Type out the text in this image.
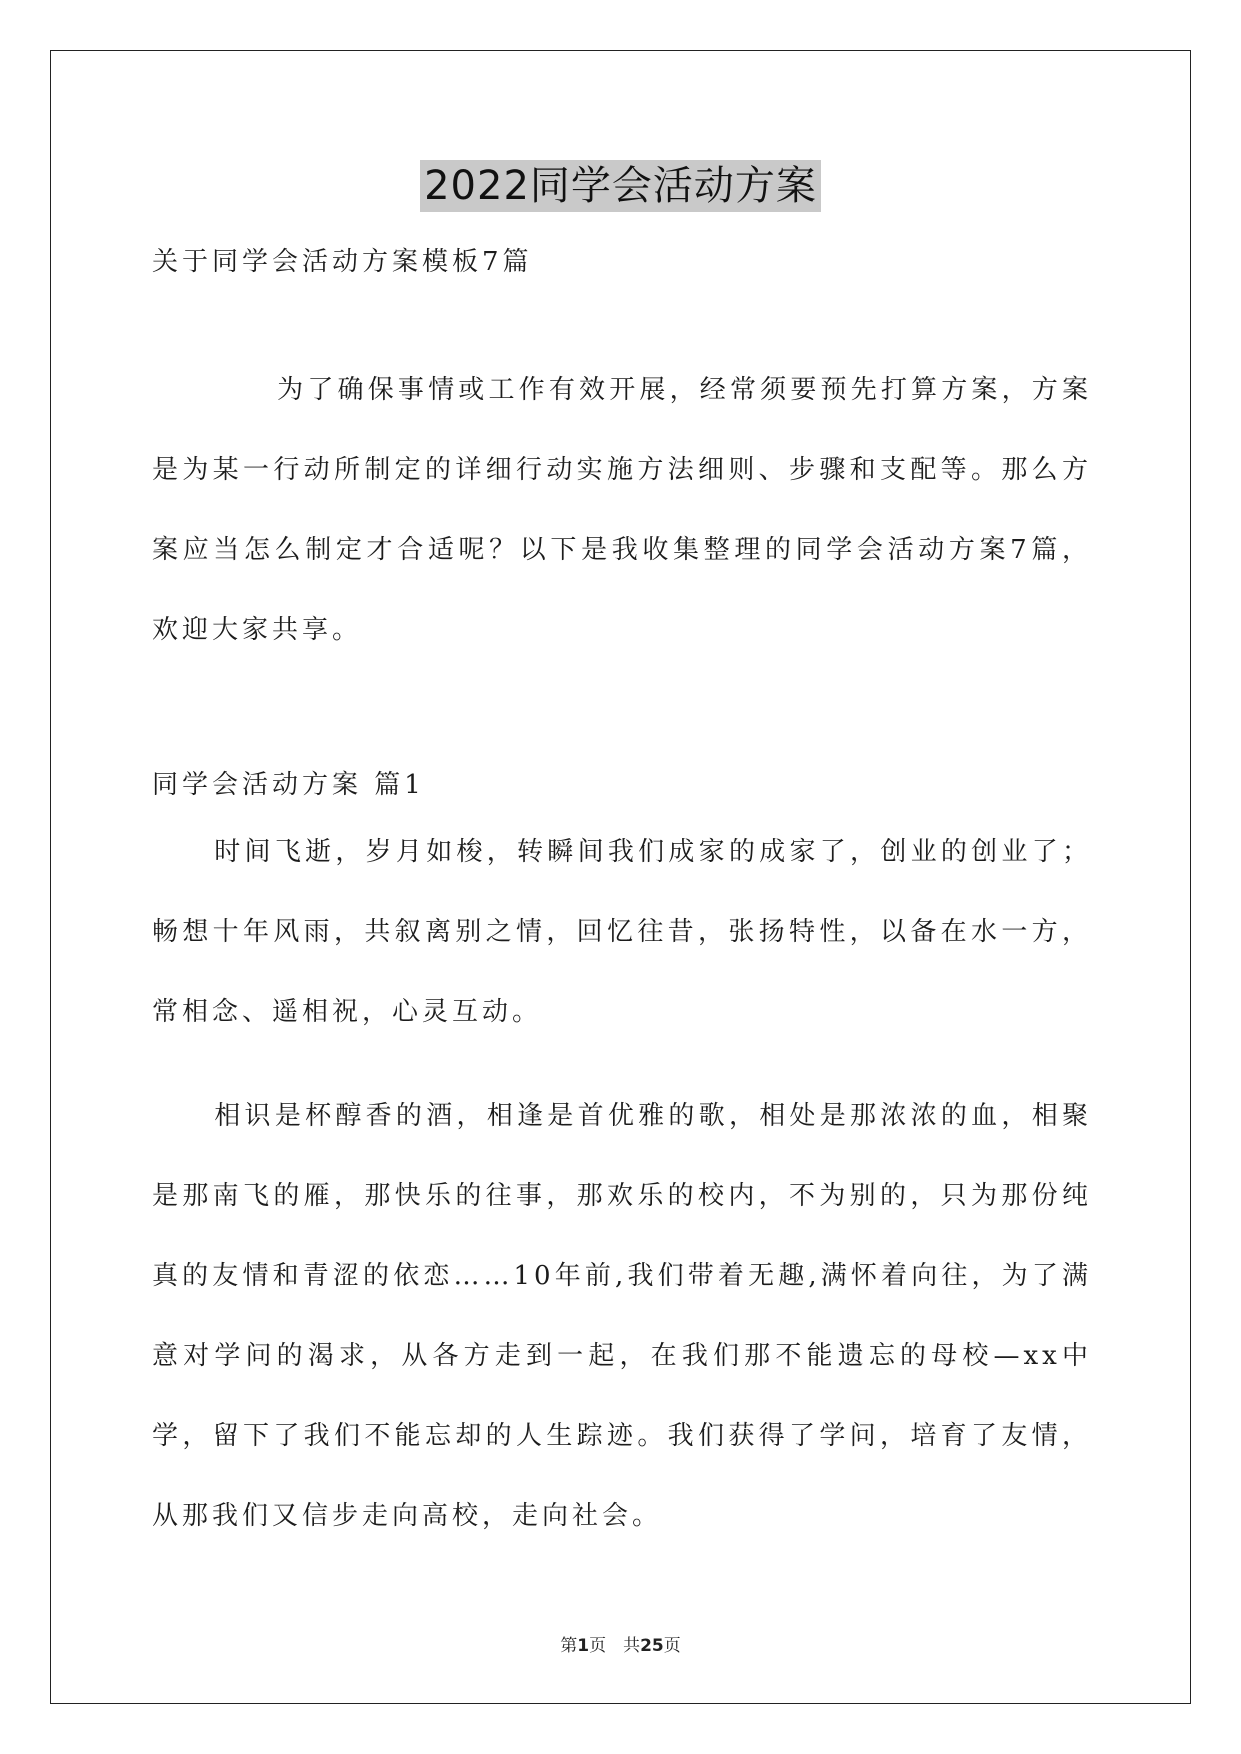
2022同学会活动方案
关于同学会活动方案模板7篇
为了确保事情或工作有效开展，经常须要预先打算方案，方案是为某一行动所制定的详细行动实施方法细则、步骤和支配等。那么方案应当怎么制定才合适呢？以下是我收集整理的同学会活动方案7篇，欢迎大家共享。
同学会活动方案 篇1
时间飞逝，岁月如梭，转瞬间我们成家的成家了，创业的创业了；畅想十年风雨，共叙离别之情，回忆往昔，张扬特性，以备在水一方，常相念、遥相祝，心灵互动。
相识是杯醇香的酒，相逢是首优雅的歌，相处是那浓浓的血，相聚是那南飞的雁，那快乐的往事，那欢乐的校内，不为别的，只为那份纯真的友情和青涩的依恋……10年前,我们带着无趣,满怀着向往，为了满意对学问的渴求，从各方走到一起，在我们那不能遗忘的母校—xx中学，留下了我们不能忘却的人生踪迹。我们获得了学问，培育了友情，从那我们又信步走向高校，走向社会。
第1页　共25页
